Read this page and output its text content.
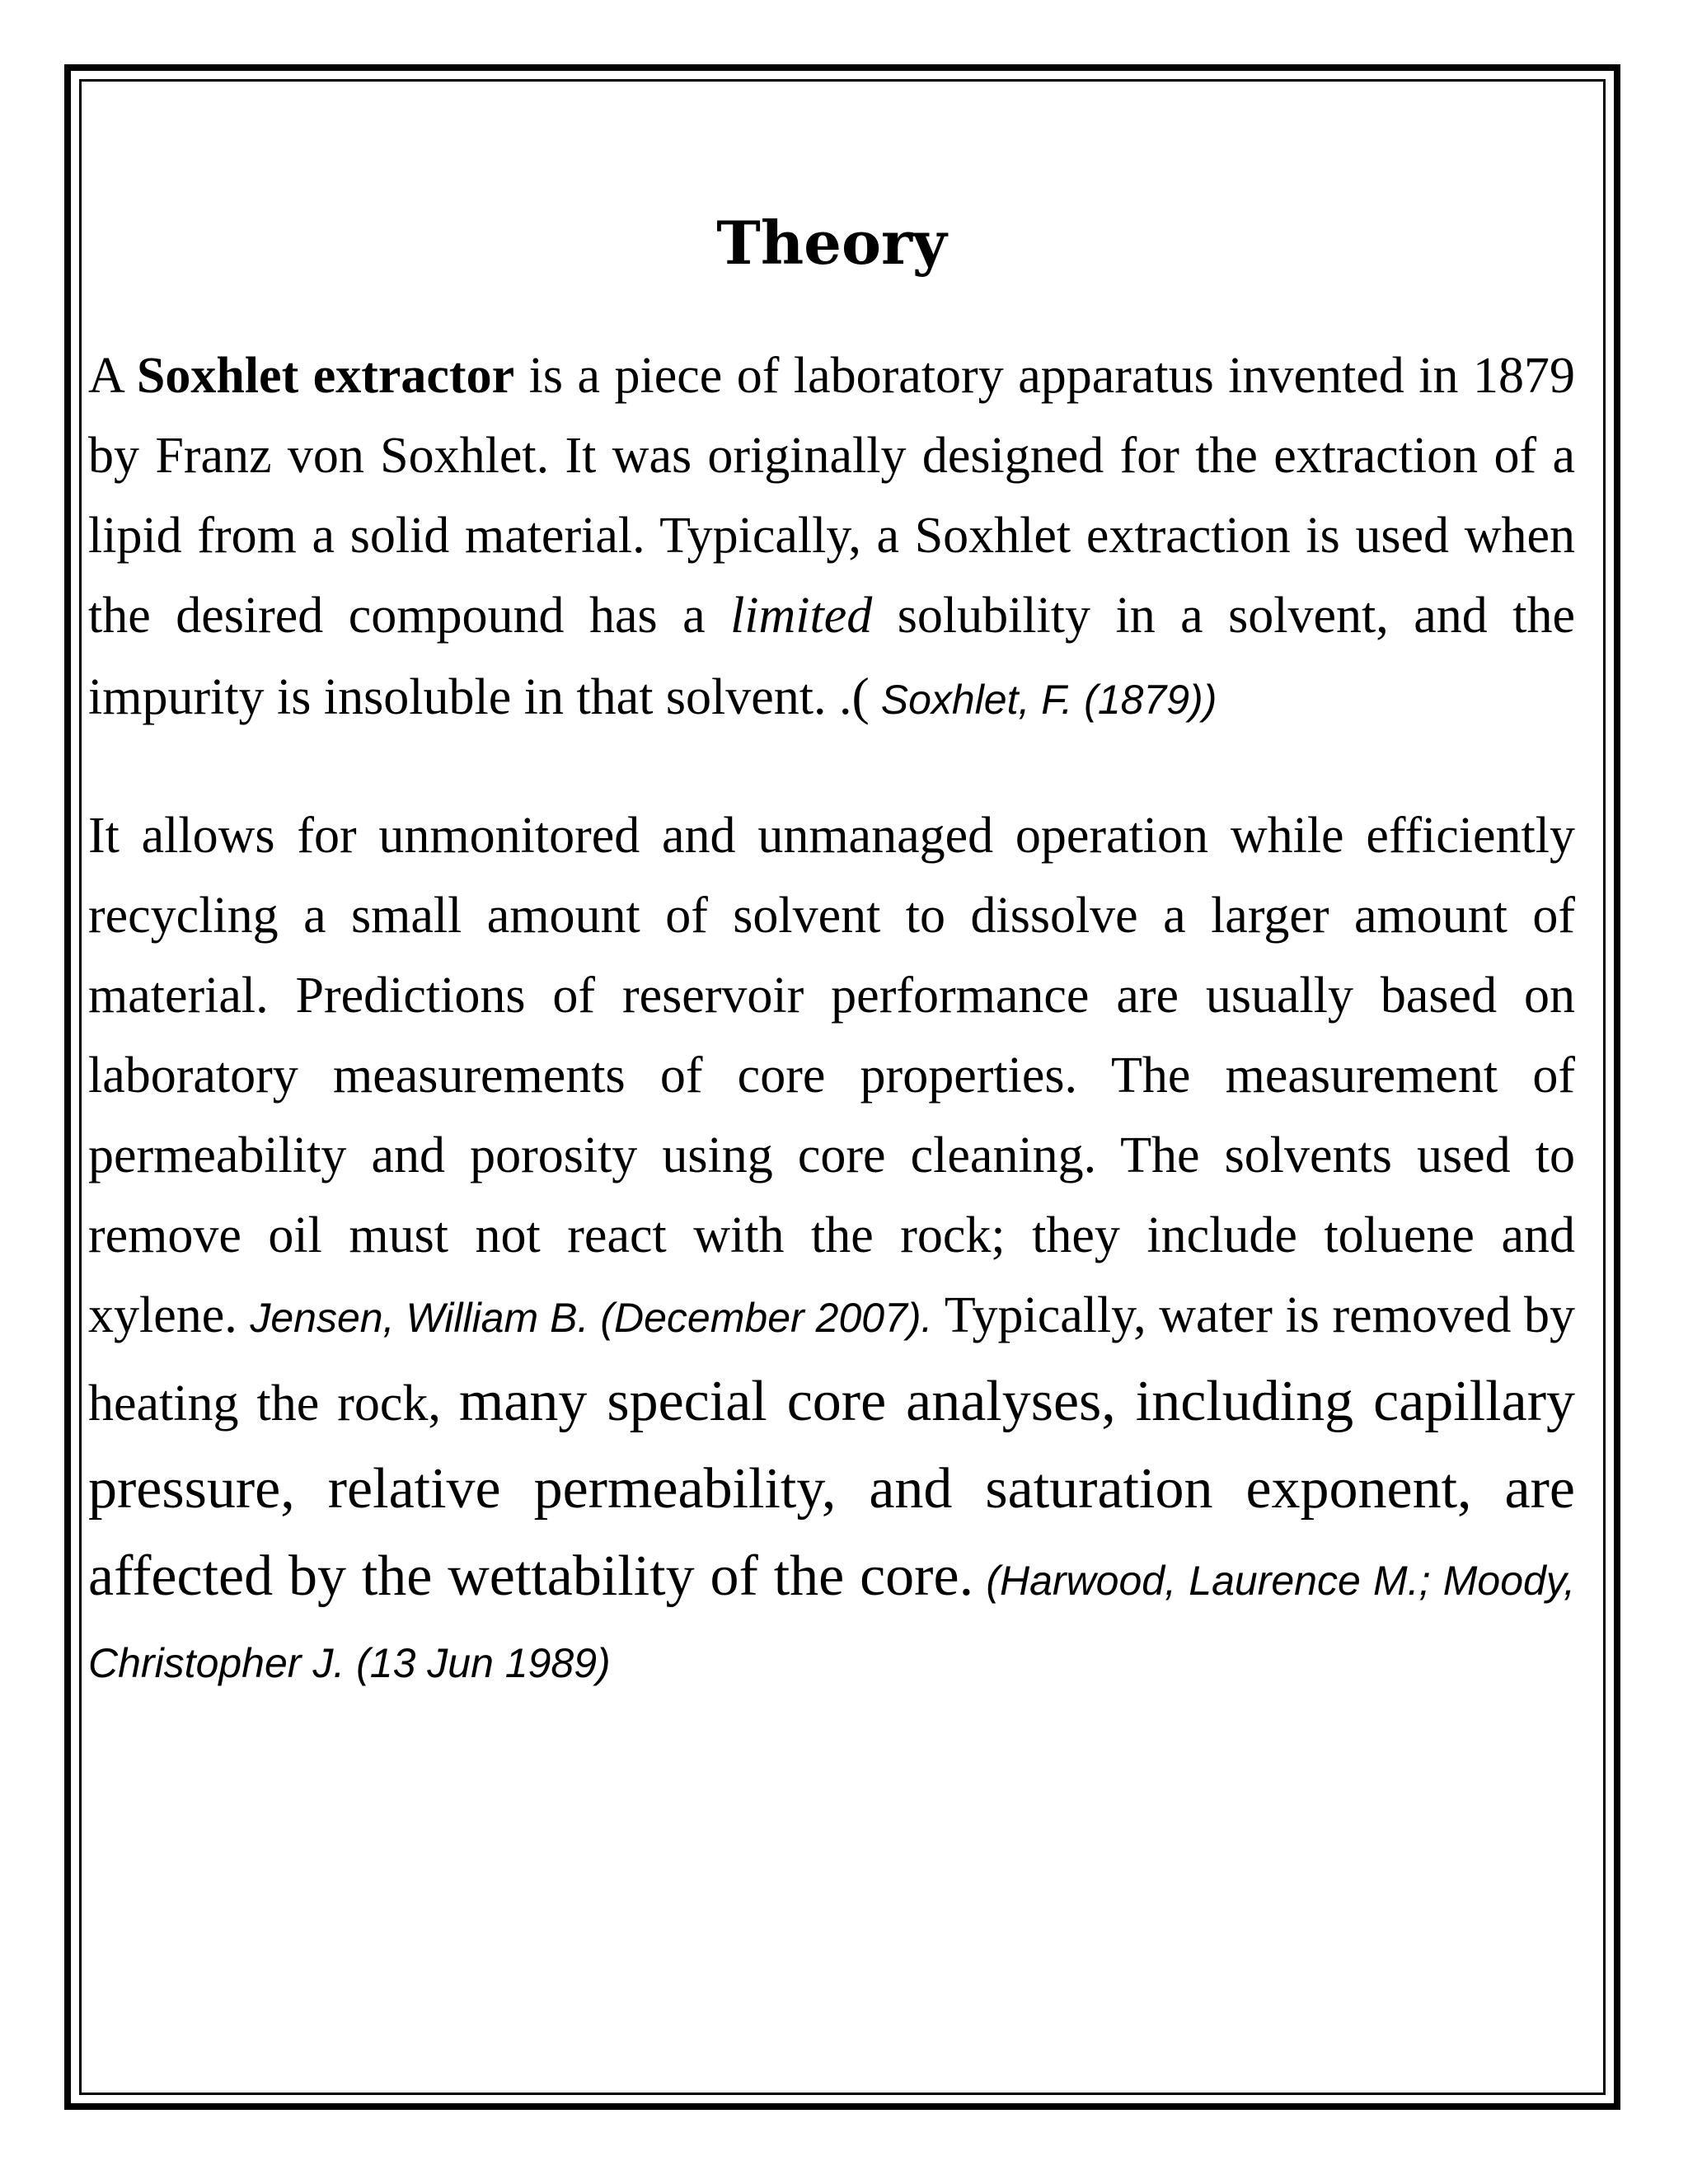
Theory

A Soxhlet extractor is a piece of laboratory apparatus invented in 1879 by Franz von Soxhlet. It was originally designed for the extraction of a lipid from a solid material. Typically, a Soxhlet extraction is used when the desired compound has a limited solubility in a solvent, and the impurity is insoluble in that solvent. .( Soxhlet, F. (1879))

It allows for unmonitored and unmanaged operation while efficiently recycling a small amount of solvent to dissolve a larger amount of material. Predictions of reservoir performance are usually based on laboratory measurements of core properties. The measurement of permeability and porosity using core cleaning. The solvents used to remove oil must not react with the rock; they include toluene and xylene. Jensen, William B. (December 2007). Typically, water is removed by heating the rock, many special core analyses, including capillary pressure, relative permeability, and saturation exponent, are affected by the wettability of the core. (Harwood, Laurence M.; Moody, Christopher J. (13 Jun 1989)
